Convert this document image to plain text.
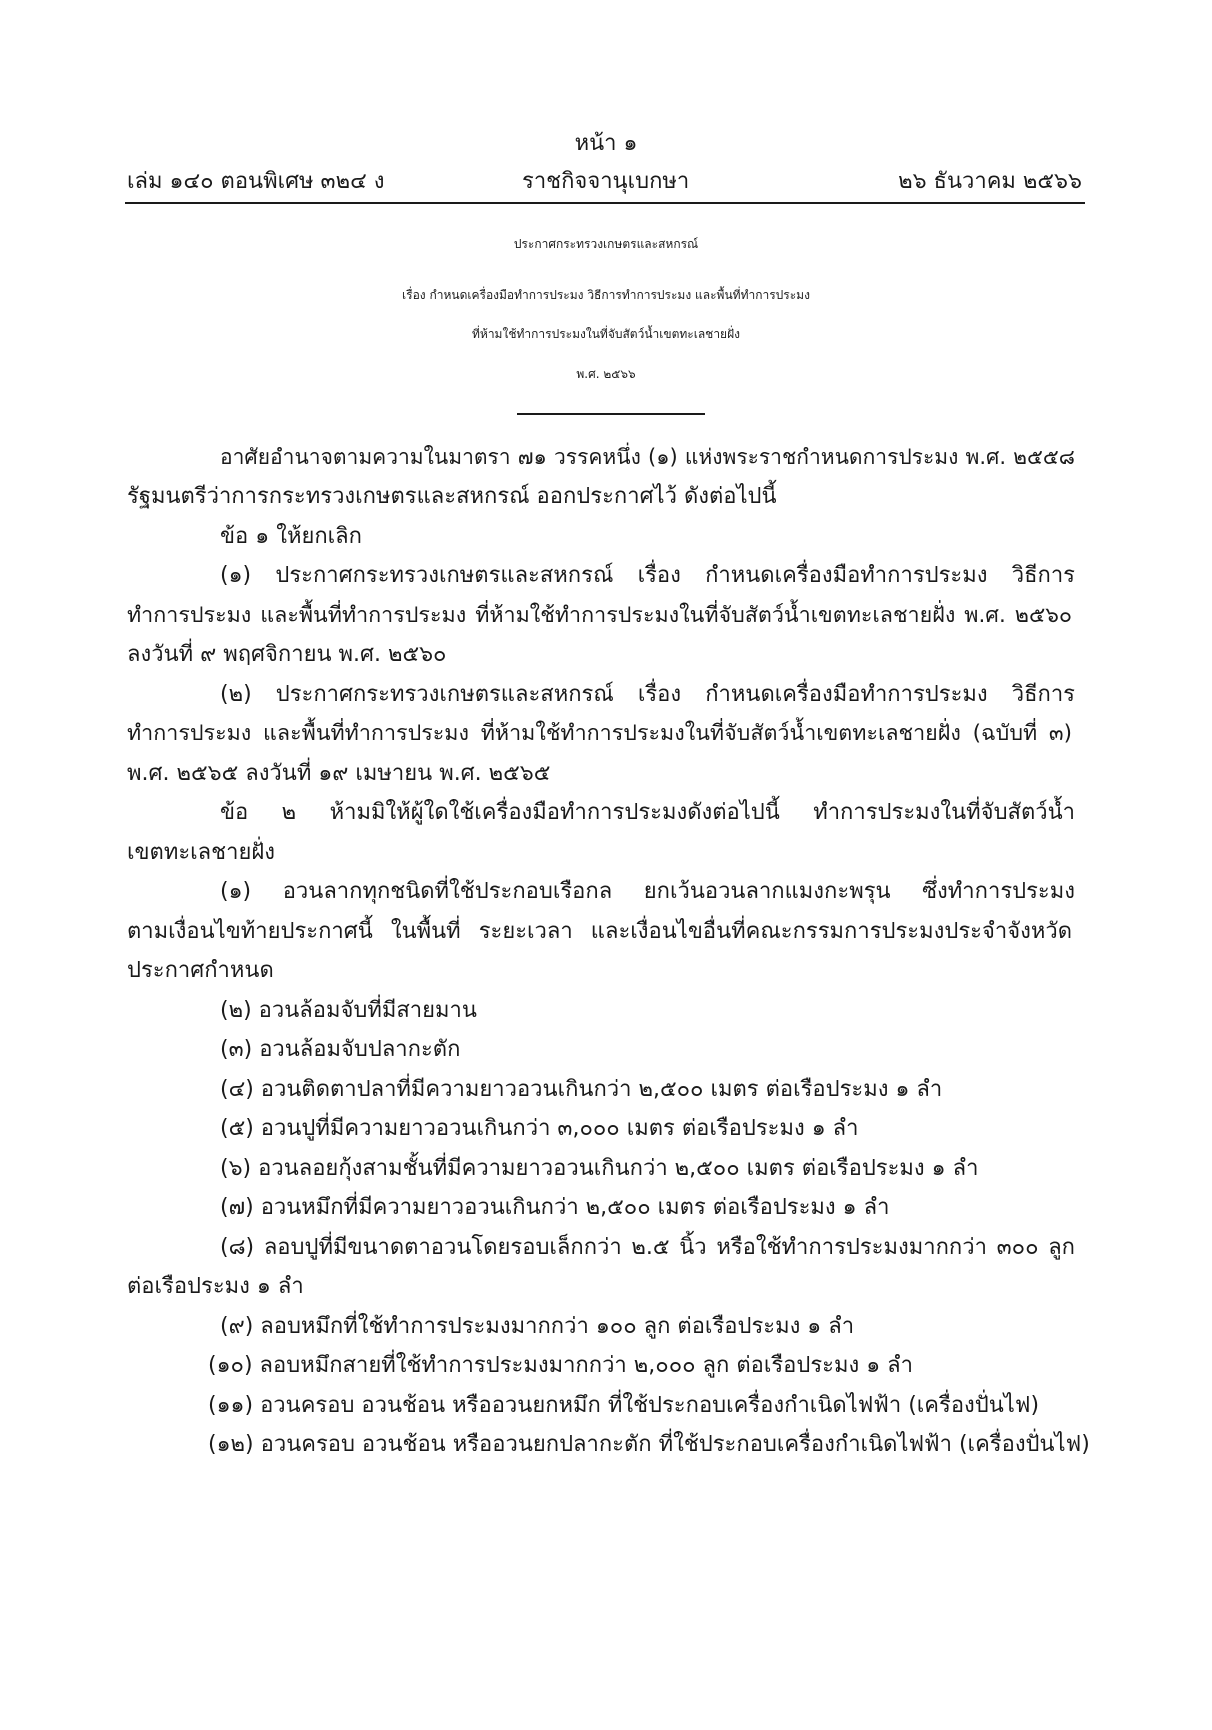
หน้า ๑
เล่ม ๑๔๐ ตอนพิเศษ ๓๒๔ ง	ราชกิจจานุเบกษา	๒๖ ธันวาคม ๒๕๖๖
ประกาศกระทรวงเกษตรและสหกรณ์
เรื่อง กำหนดเครื่องมือทำการประมง วิธีการทำการประมง และพื้นที่ทำการประมง
ที่ห้ามใช้ทำการประมงในที่จับสัตว์น้ำเขตทะเลชายฝั่ง
พ.ศ. ๒๕๖๖
อาศัยอำนาจตามความในมาตรา ๗๑ วรรคหนึ่ง (๑) แห่งพระราชกำหนดการประมง พ.ศ. ๒๕๕๘
รัฐมนตรีว่าการกระทรวงเกษตรและสหกรณ์ ออกประกาศไว้ ดังต่อไปนี้
ข้อ ๑ ให้ยกเลิก
(๑) ประกาศกระทรวงเกษตรและสหกรณ์ เรื่อง กำหนดเครื่องมือทำการประมง วิธีการ
ทำการประมง และพื้นที่ทำการประมง ที่ห้ามใช้ทำการประมงในที่จับสัตว์น้ำเขตทะเลชายฝั่ง พ.ศ. ๒๕๖๐
ลงวันที่ ๙ พฤศจิกายน พ.ศ. ๒๕๖๐
(๒) ประกาศกระทรวงเกษตรและสหกรณ์ เรื่อง กำหนดเครื่องมือทำการประมง วิธีการ
ทำการประมง และพื้นที่ทำการประมง ที่ห้ามใช้ทำการประมงในที่จับสัตว์น้ำเขตทะเลชายฝั่ง (ฉบับที่ ๓)
พ.ศ. ๒๕๖๕ ลงวันที่ ๑๙ เมษายน พ.ศ. ๒๕๖๕
ข้อ ๒ ห้ามมิให้ผู้ใดใช้เครื่องมือทำการประมงดังต่อไปนี้ ทำการประมงในที่จับสัตว์น้ำ
เขตทะเลชายฝั่ง
(๑) อวนลากทุกชนิดที่ใช้ประกอบเรือกล ยกเว้นอวนลากแมงกะพรุน ซึ่งทำการประมง
ตามเงื่อนไขท้ายประกาศนี้ ในพื้นที่ ระยะเวลา และเงื่อนไขอื่นที่คณะกรรมการประมงประจำจังหวัด
ประกาศกำหนด
(๒) อวนล้อมจับที่มีสายมาน
(๓) อวนล้อมจับปลากะตัก
(๔) อวนติดตาปลาที่มีความยาวอวนเกินกว่า ๒,๕๐๐ เมตร ต่อเรือประมง ๑ ลำ
(๕) อวนปูที่มีความยาวอวนเกินกว่า ๓,๐๐๐ เมตร ต่อเรือประมง ๑ ลำ
(๖) อวนลอยกุ้งสามชั้นที่มีความยาวอวนเกินกว่า ๒,๕๐๐ เมตร ต่อเรือประมง ๑ ลำ
(๗) อวนหมึกที่มีความยาวอวนเกินกว่า ๒,๕๐๐ เมตร ต่อเรือประมง ๑ ลำ
(๘) ลอบปูที่มีขนาดตาอวนโดยรอบเล็กกว่า ๒.๕ นิ้ว หรือใช้ทำการประมงมากกว่า ๓๐๐ ลูก
ต่อเรือประมง ๑ ลำ
(๙) ลอบหมึกที่ใช้ทำการประมงมากกว่า ๑๐๐ ลูก ต่อเรือประมง ๑ ลำ
(๑๐) ลอบหมึกสายที่ใช้ทำการประมงมากกว่า ๒,๐๐๐ ลูก ต่อเรือประมง ๑ ลำ
(๑๑) อวนครอบ อวนช้อน หรืออวนยกหมึก ที่ใช้ประกอบเครื่องกำเนิดไฟฟ้า (เครื่องปั่นไฟ)
(๑๒) อวนครอบ อวนช้อน หรืออวนยกปลากะตัก ที่ใช้ประกอบเครื่องกำเนิดไฟฟ้า (เครื่องปั่นไฟ)
